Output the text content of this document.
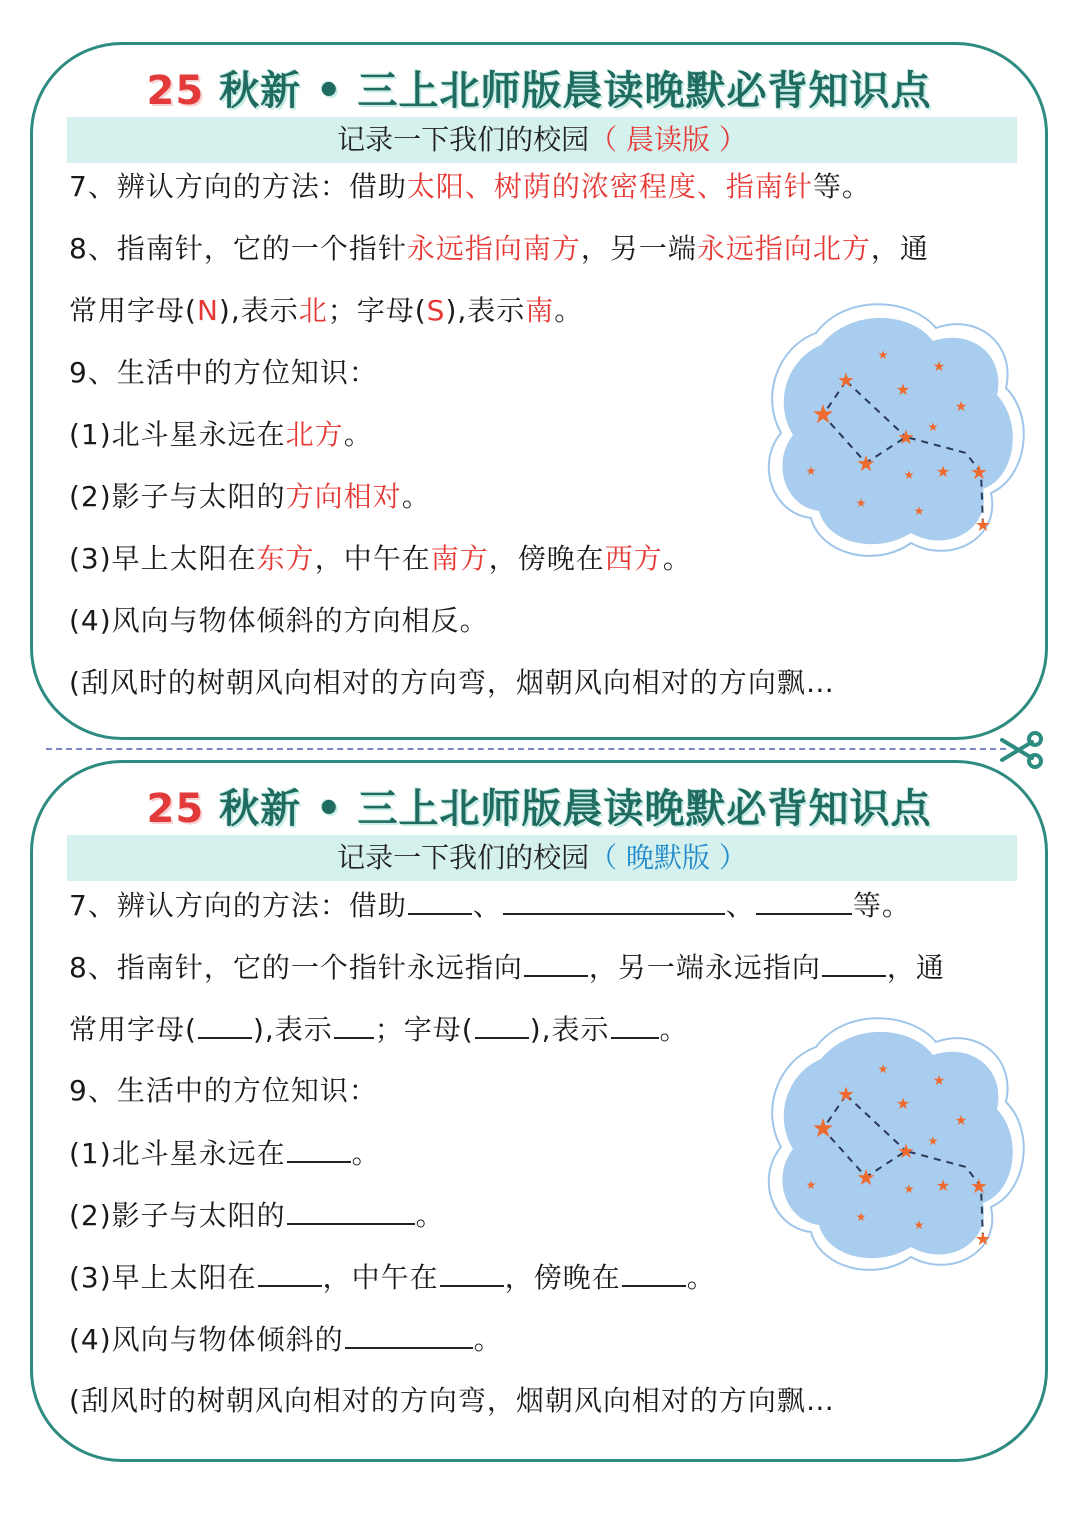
25 秋新 • 三上北师版晨读晚默必背知识点
记录一下我们的校园（ 晨读版 ）
7、辨认方向的方法：借助太阳、树荫的浓密程度、指南针等。
8、指南针，它的一个指针永远指向南方，另一端永远指向北方，通
常用字母(N),表示北；字母(S),表示南。
9、生活中的方位知识：
(1)北斗星永远在北方。
(2)影子与太阳的方向相对。
(3)早上太阳在东方，中午在南方，傍晚在西方。
(4)风向与物体倾斜的方向相反。
(刮风时的树朝风向相对的方向弯，烟朝风向相对的方向飘…
★
★
★
★
★
★
★
★
★
★
★
★	★ ★
★
★
25 秋新 • 三上北师版晨读晚默必背知识点
记录一下我们的校园（ 晚默版 ）
7、辨认方向的方法：借助 、	、	等。
8、指南针，它的一个指针永远指向 ，另一端永远指向 ，通
常用字母( ),表示 ；字母( ),表示 。
9、生活中的方位知识：
(1)北斗星永远在 。
(2)影子与太阳的	。
(3)早上太阳在 ，中午在 ，傍晚在 。
(4)风向与物体倾斜的	。
(刮风时的树朝风向相对的方向弯，烟朝风向相对的方向飘…
★
★
★
★
★
★
★
★
★
★
★
★	★ ★
★
★
